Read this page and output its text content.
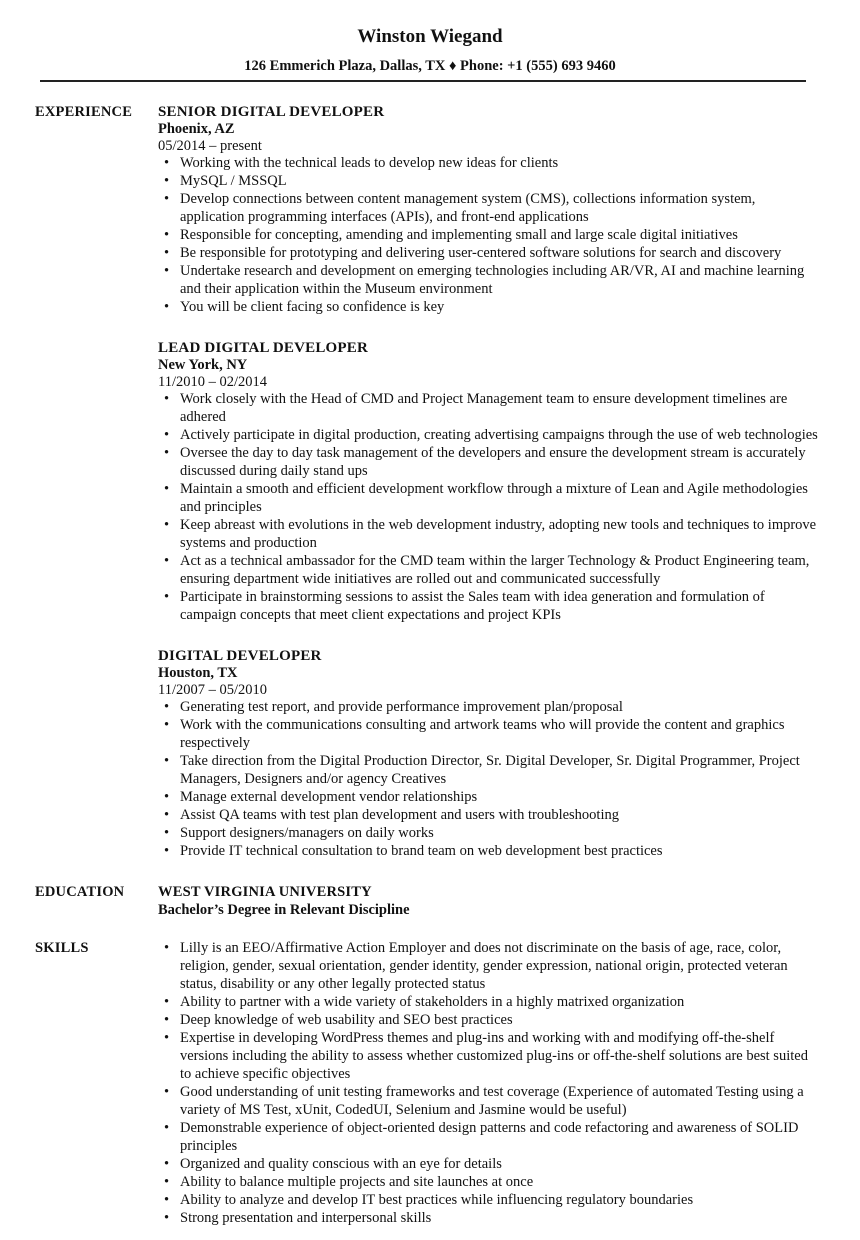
Winston Wiegand
126 Emmerich Plaza, Dallas, TX ♦ Phone: +1 (555) 693 9460
EXPERIENCE SENIOR DIGITAL DEVELOPER
Phoenix, AZ
05/2014 – present
• Working with the technical leads to develop new ideas for clients
• MySQL / MSSQL
• Develop connections between content management system (CMS), collections information system, application programming interfaces (APIs), and front-end applications
• Responsible for concepting, amending and implementing small and large scale digital initiatives
• Be responsible for prototyping and delivering user-centered software solutions for search and discovery
• Undertake research and development on emerging technologies including AR/VR, AI and machine learning and their application within the Museum environment
• You will be client facing so confidence is key
LEAD DIGITAL DEVELOPER
New York, NY
11/2010 – 02/2014
• Work closely with the Head of CMD and Project Management team to ensure development timelines are adhered
• Actively participate in digital production, creating advertising campaigns through the use of web technologies
• Oversee the day to day task management of the developers and ensure the development stream is accurately discussed during daily stand ups
• Maintain a smooth and efficient development workflow through a mixture of Lean and Agile methodologies and principles
• Keep abreast with evolutions in the web development industry, adopting new tools and techniques to improve systems and production
• Act as a technical ambassador for the CMD team within the larger Technology & Product Engineering team, ensuring department wide initiatives are rolled out and communicated successfully
• Participate in brainstorming sessions to assist the Sales team with idea generation and formulation of campaign concepts that meet client expectations and project KPIs
DIGITAL DEVELOPER
Houston, TX
11/2007 – 05/2010
• Generating test report, and provide performance improvement plan/proposal
• Work with the communications consulting and artwork teams who will provide the content and graphics respectively
• Take direction from the Digital Production Director, Sr. Digital Developer, Sr. Digital Programmer, Project Managers, Designers and/or agency Creatives
• Manage external development vendor relationships
• Assist QA teams with test plan development and users with troubleshooting
• Support designers/managers on daily works
• Provide IT technical consultation to brand team on web development best practices
EDUCATION WEST VIRGINIA UNIVERSITY
Bachelor’s Degree in Relevant Discipline
SKILLS
•	Lilly is an EEO/Affirmative Action Employer and does not discriminate on the basis of age, race, color, religion, gender, sexual orientation, gender identity, gender expression, national origin, protected veteran status, disability or any other legally protected status
• Ability to partner with a wide variety of stakeholders in a highly matrixed organization
• Deep knowledge of web usability and SEO best practices
• Expertise in developing WordPress themes and plug-ins and working with and modifying off-the-shelf versions including the ability to assess whether customized plug-ins or off-the-shelf solutions are best suited to achieve specific objectives
• Good understanding of unit testing frameworks and test coverage (Experience of automated Testing using a variety of MS Test, xUnit, CodedUI, Selenium and Jasmine would be useful)
• Demonstrable experience of object-oriented design patterns and code refactoring and awareness of SOLID principles
• Organized and quality conscious with an eye for details
• Ability to balance multiple projects and site launches at once
• Ability to analyze and develop IT best practices while influencing regulatory boundaries
• Strong presentation and interpersonal skills
